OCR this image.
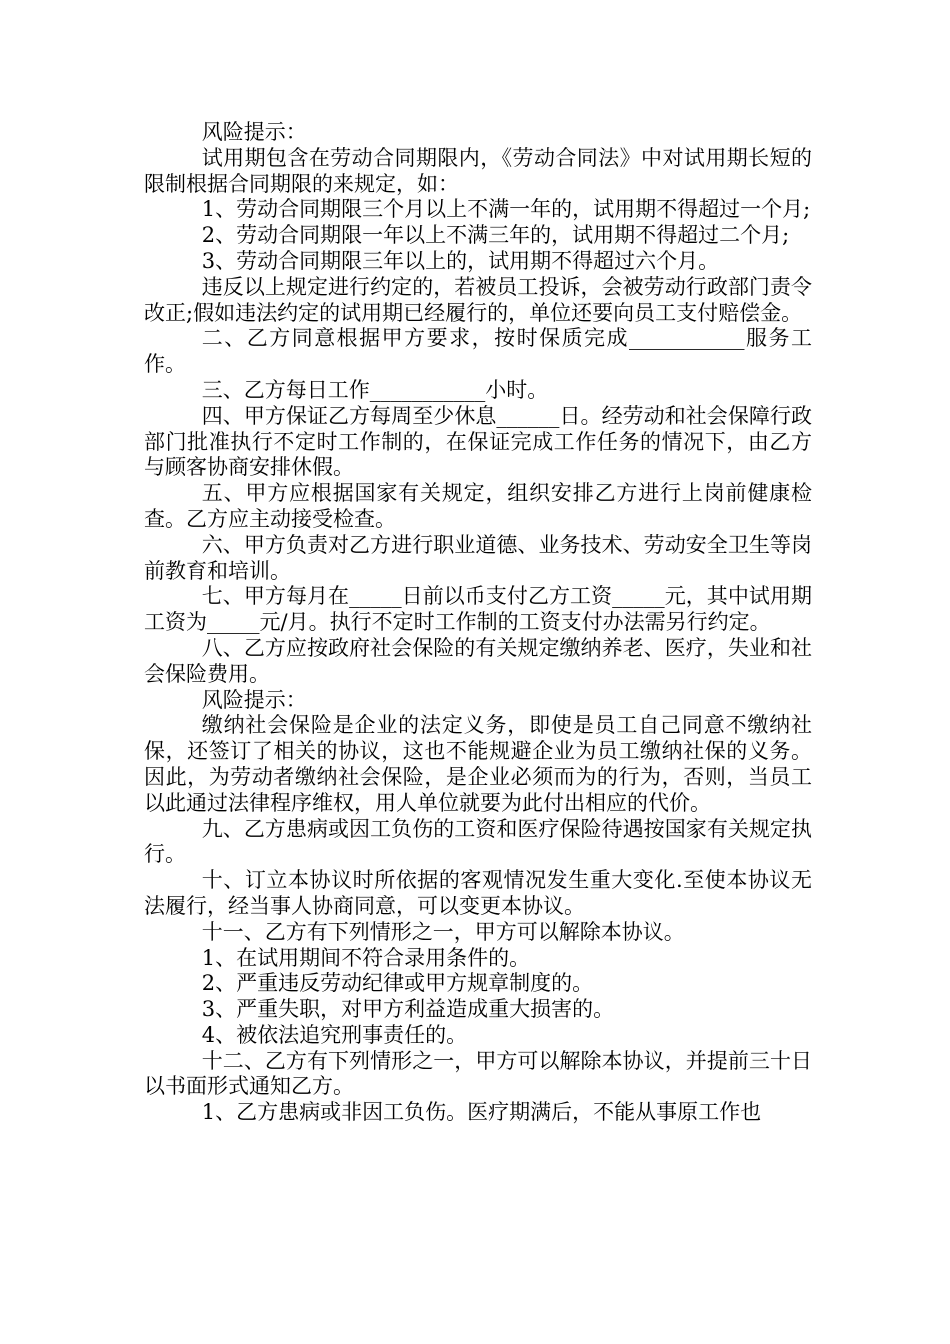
风险提示：

试用期包含在劳动合同期限内，《劳动合同法》中对试用期长短的限制根据合同期限的来规定，如：

1、劳动合同期限三个月以上不满一年的，试用期不得超过一个月;

2、劳动合同期限一年以上不满三年的，试用期不得超过二个月;

3、劳动合同期限三年以上的，试用期不得超过六个月。

违反以上规定进行约定的，若被员工投诉，会被劳动行政部门责令改正;假如违法约定的试用期已经履行的，单位还要向员工支付赔偿金。

二、乙方同意根据甲方要求，按时保质完成___________服务工作。

三、乙方每日工作___________小时。

四、甲方保证乙方每周至少休息______日。经劳动和社会保障行政部门批准执行不定时工作制的，在保证完成工作任务的情况下，由乙方与顾客协商安排休假。

五、甲方应根据国家有关规定，组织安排乙方进行上岗前健康检查。乙方应主动接受检查。

六、甲方负责对乙方进行职业道德、业务技术、劳动安全卫生等岗前教育和培训。

七、甲方每月在_____日前以币支付乙方工资_____元，其中试用期工资为_____元/月。执行不定时工作制的工资支付办法需另行约定。

八、乙方应按政府社会保险的有关规定缴纳养老、医疗，失业和社会保险费用。

风险提示：

缴纳社会保险是企业的法定义务，即使是员工自己同意不缴纳社保，还签订了相关的协议，这也不能规避企业为员工缴纳社保的义务。因此，为劳动者缴纳社会保险，是企业必须而为的行为，否则，当员工以此通过法律程序维权，用人单位就要为此付出相应的代价。

九、乙方患病或因工负伤的工资和医疗保险待遇按国家有关规定执行。

十、订立本协议时所依据的客观情况发生重大变化.至使本协议无法履行，经当事人协商同意，可以变更本协议。

十一、乙方有下列情形之一，甲方可以解除本协议。

1、在试用期间不符合录用条件的。

2、严重违反劳动纪律或甲方规章制度的。

3、严重失职，对甲方利益造成重大损害的。

4、被依法追究刑事责任的。

十二、乙方有下列情形之一，甲方可以解除本协议，并提前三十日以书面形式通知乙方。

1、乙方患病或非因工负伤。医疗期满后，不能从事原工作也
